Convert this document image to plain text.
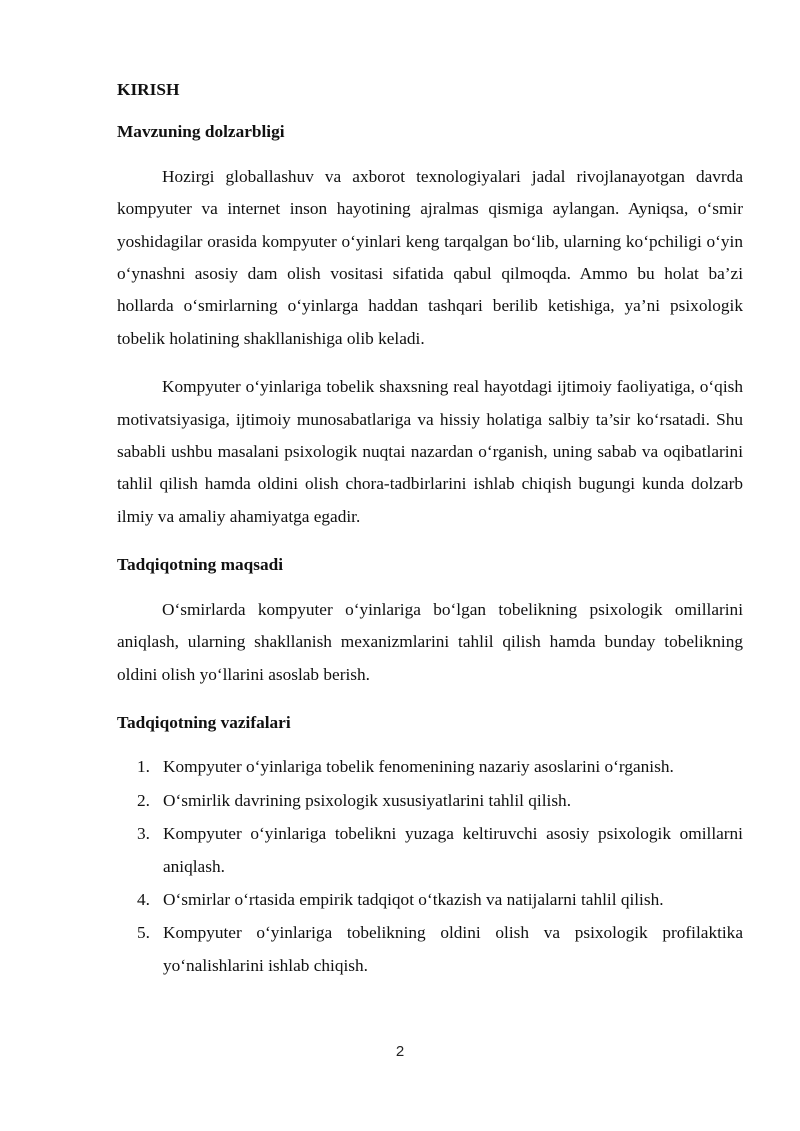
KIRISH

Mavzuning dolzarbligi

Hozirgi globallashuv va axborot texnologiyalari jadal rivojlanayotgan davrda kompyuter va internet inson hayotining ajralmas qismiga aylangan. Ayniqsa, o‘smir yoshidagilar orasida kompyuter o‘yinlari keng tarqalgan bo‘lib, ularning ko‘pchiligi o‘yin o‘ynashni asosiy dam olish vositasi sifatida qabul qilmoqda. Ammo bu holat ba’zi hollarda o‘smirlarning o‘yinlarga haddan tashqari berilib ketishiga, ya’ni psixologik tobelik holatining shakllanishiga olib keladi.

Kompyuter o‘yinlariga tobelik shaxsning real hayotdagi ijtimoiy faoliyatiga, o‘qish motivatsiyasiga, ijtimoiy munosabatlariga va hissiy holatiga salbiy ta’sir ko‘rsatadi. Shu sababli ushbu masalani psixologik nuqtai nazardan o‘rganish, uning sabab va oqibatlarini tahlil qilish hamda oldini olish chora-tadbirlarini ishlab chiqish bugungi kunda dolzarb ilmiy va amaliy ahamiyatga egadir.

Tadqiqotning maqsadi

O‘smirlarda kompyuter o‘yinlariga bo‘lgan tobelikning psixologik omillarini aniqlash, ularning shakllanish mexanizmlarini tahlil qilish hamda bunday tobelikning oldini olish yo‘llarini asoslab berish.

Tadqiqotning vazifalari

1. Kompyuter o‘yinlariga tobelik fenomenining nazariy asoslarini o‘rganish.
2. O‘smirlik davrining psixologik xususiyatlarini tahlil qilish.
3. Kompyuter o‘yinlariga tobelikni yuzaga keltiruvchi asosiy psixologik omillarni aniqlash.
4. O‘smirlar o‘rtasida empirik tadqiqot o‘tkazish va natijalarni tahlil qilish.
5. Kompyuter o‘yinlariga tobelikning oldini olish va psixologik profilaktika yo‘nalishlarini ishlab chiqish.
2
